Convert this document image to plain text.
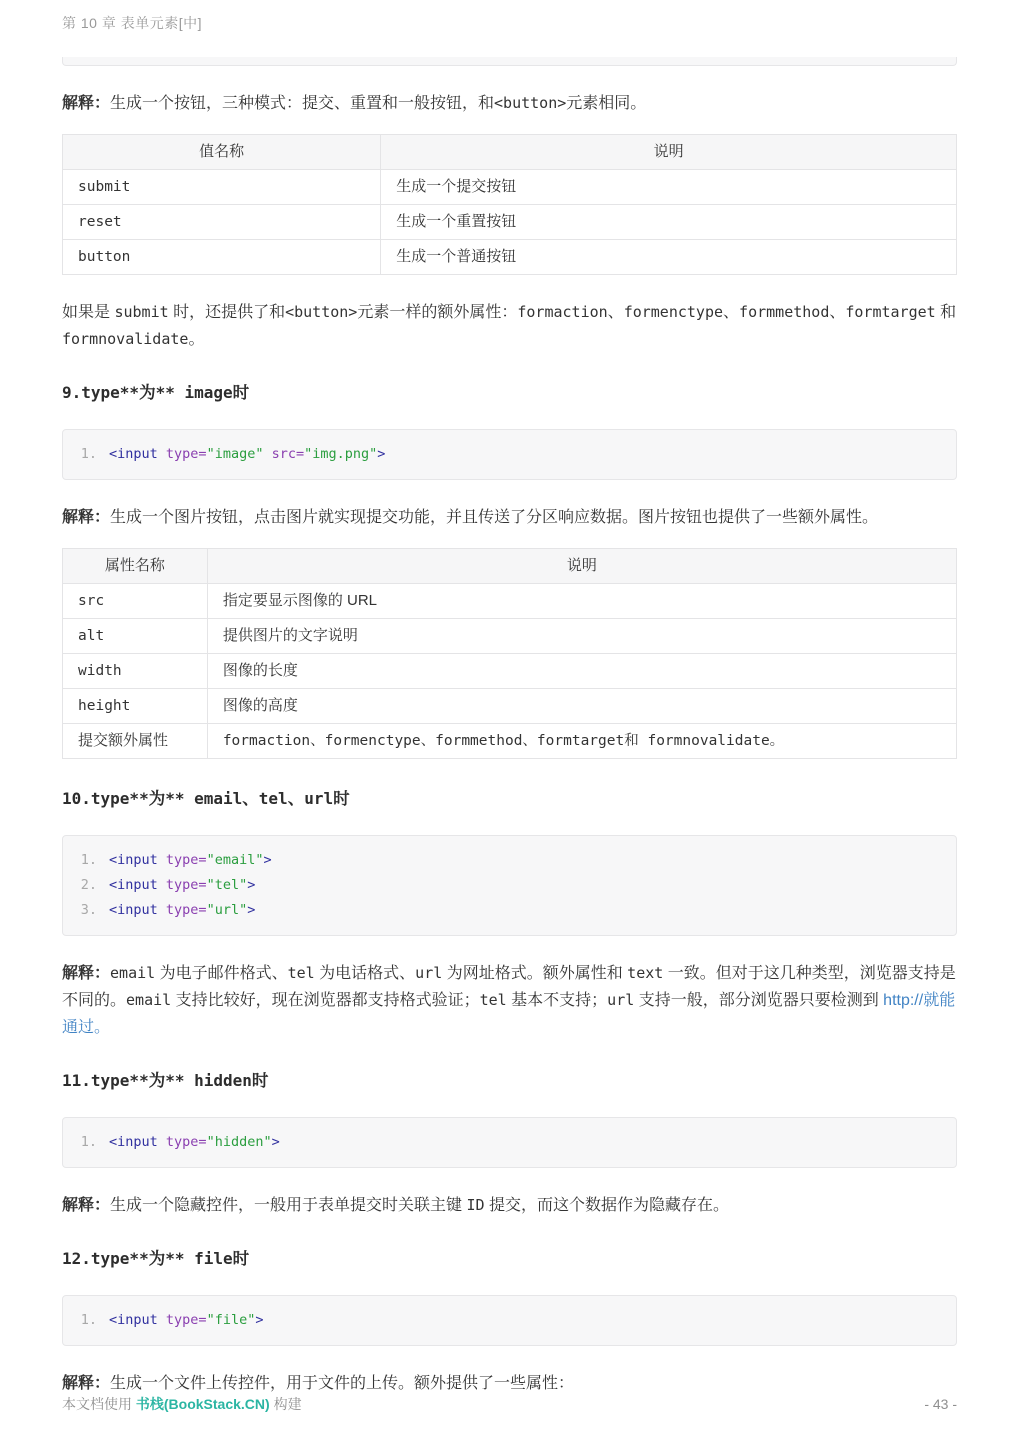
第 10 章 表单元素[中]

解释：生成一个按钮，三种模式：提交、重置和一般按钮，和<button>元素相同。

值名称	说明
submit	生成一个提交按钮
reset	生成一个重置按钮
button	生成一个普通按钮

如果是 submit 时，还提供了和<button>元素一样的额外属性：formaction、formenctype、formmethod、formtarget 和 formnovalidate。

9.type**为** image时
1. <input type="image" src="img.png">

解释：生成一个图片按钮，点击图片就实现提交功能，并且传送了分区响应数据。图片按钮也提供了一些额外属性。

属性名称	说明
src	指定要显示图像的 URL
alt	提供图片的文字说明
width	图像的长度
height	图像的高度
提交额外属性	formaction、formenctype、formmethod、formtarget和 formnovalidate。
10.type**为** email、tel、url时
1. <input type="email">
2. <input type="tel">
3. <input type="url">

解释：email 为电子邮件格式、tel 为电话格式、url 为网址格式。额外属性和 text 一致。但对于这几种类型，浏览器支持是不同的。email 支持比较好，现在浏览器都支持格式验证；tel 基本不支持；url 支持一般，部分浏览器只要检测到 http://就能通过。

11.type**为** hidden时
1. <input type="hidden">

解释：生成一个隐藏控件，一般用于表单提交时关联主键 ID 提交，而这个数据作为隐藏存在。

12.type**为** file时
1. <input type="file">

解释：生成一个文件上传控件，用于文件的上传。额外提供了一些属性：

本文档使用 书栈(BookStack.CN) 构建	- 43 -
